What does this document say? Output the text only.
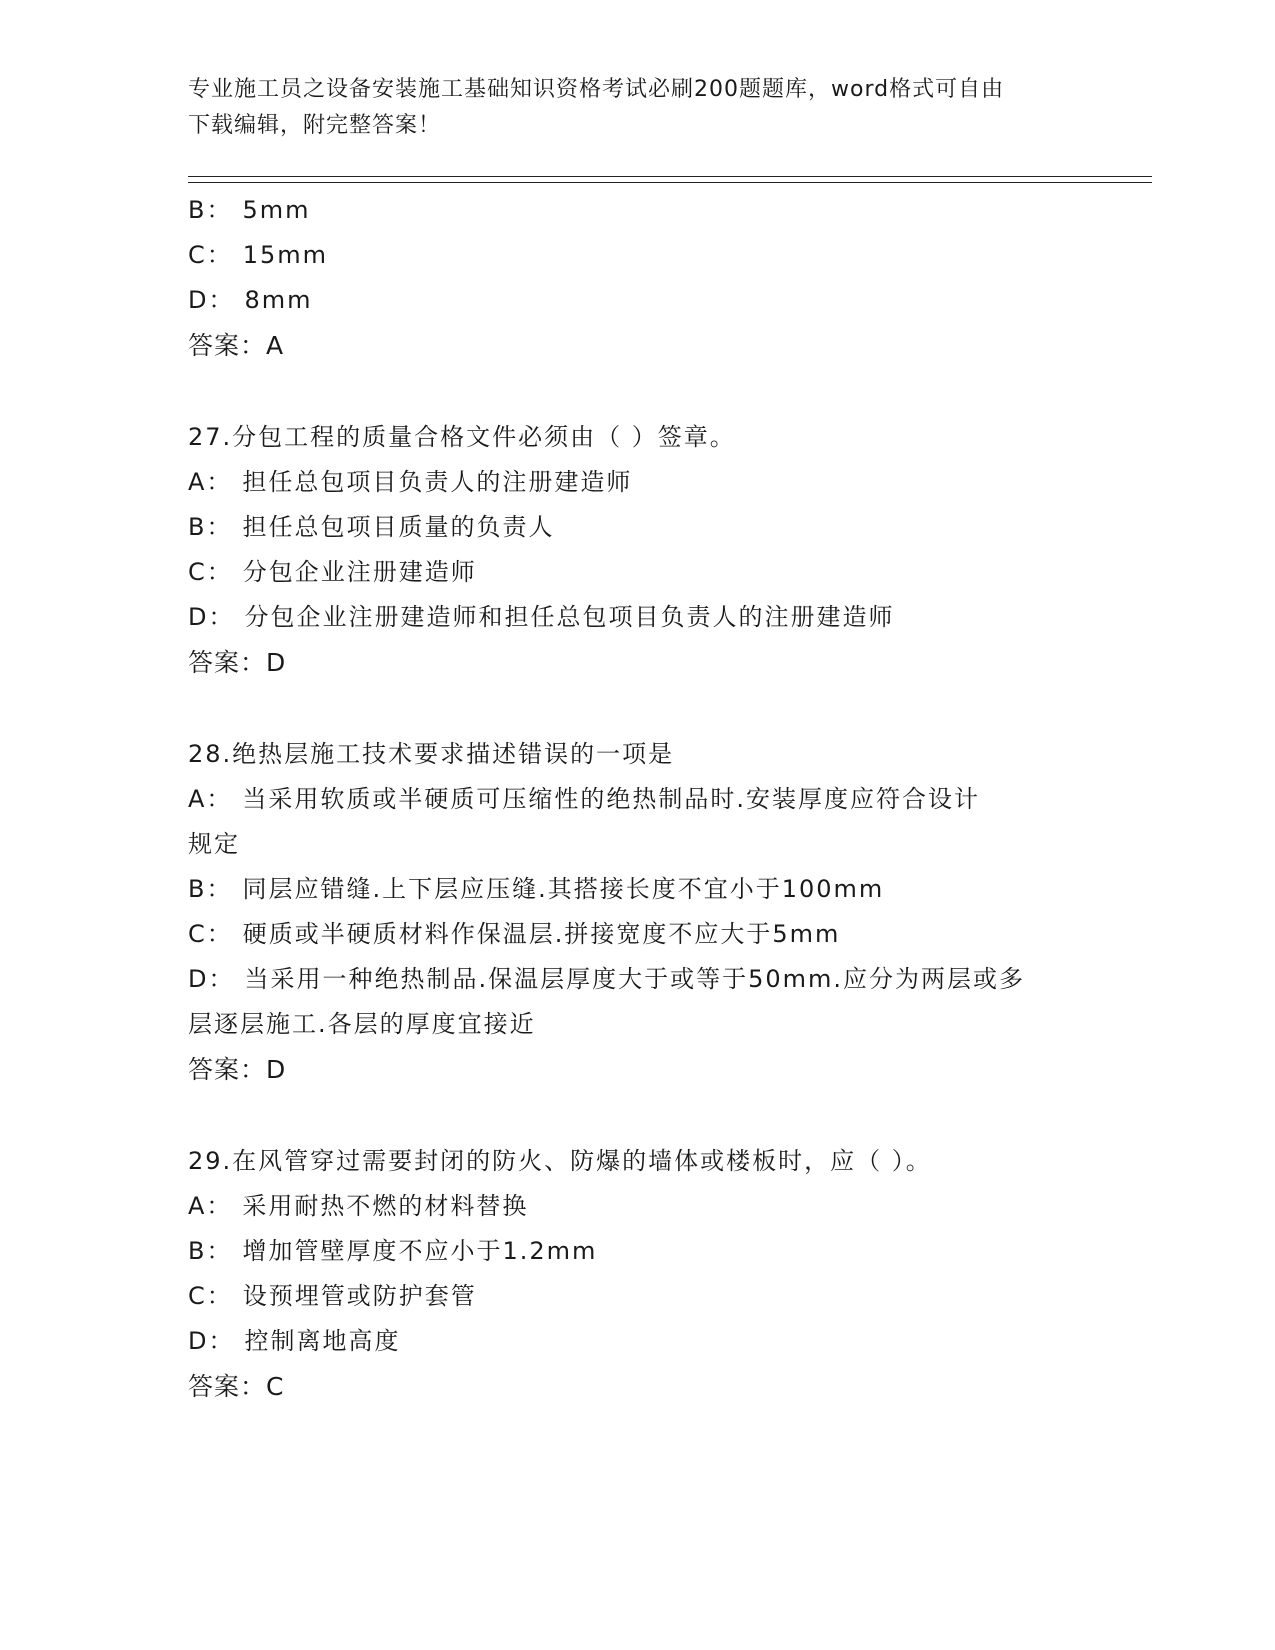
专业施工员之设备安装施工基础知识资格考试必刷200题题库，word格式可自由
下载编辑，附完整答案！
B： 5mm
C： 15mm
D： 8mm
答案：A
27.分包工程的质量合格文件必须由（ ）签章。
A： 担任总包项目负责人的注册建造师
B： 担任总包项目质量的负责人
C： 分包企业注册建造师
D： 分包企业注册建造师和担任总包项目负责人的注册建造师
答案：D
28.绝热层施工技术要求描述错误的一项是
A： 当采用软质或半硬质可压缩性的绝热制品时.安装厚度应符合设计
规定
B： 同层应错缝.上下层应压缝.其搭接长度不宜小于100mm
C： 硬质或半硬质材料作保温层.拼接宽度不应大于5mm
D： 当采用一种绝热制品.保温层厚度大于或等于50mm.应分为两层或多
层逐层施工.各层的厚度宜接近
答案：D
29.在风管穿过需要封闭的防火、防爆的墙体或楼板时，应（ ）。
A： 采用耐热不燃的材料替换
B： 增加管壁厚度不应小于1.2mm
C： 设预埋管或防护套管
D： 控制离地高度
答案：C
